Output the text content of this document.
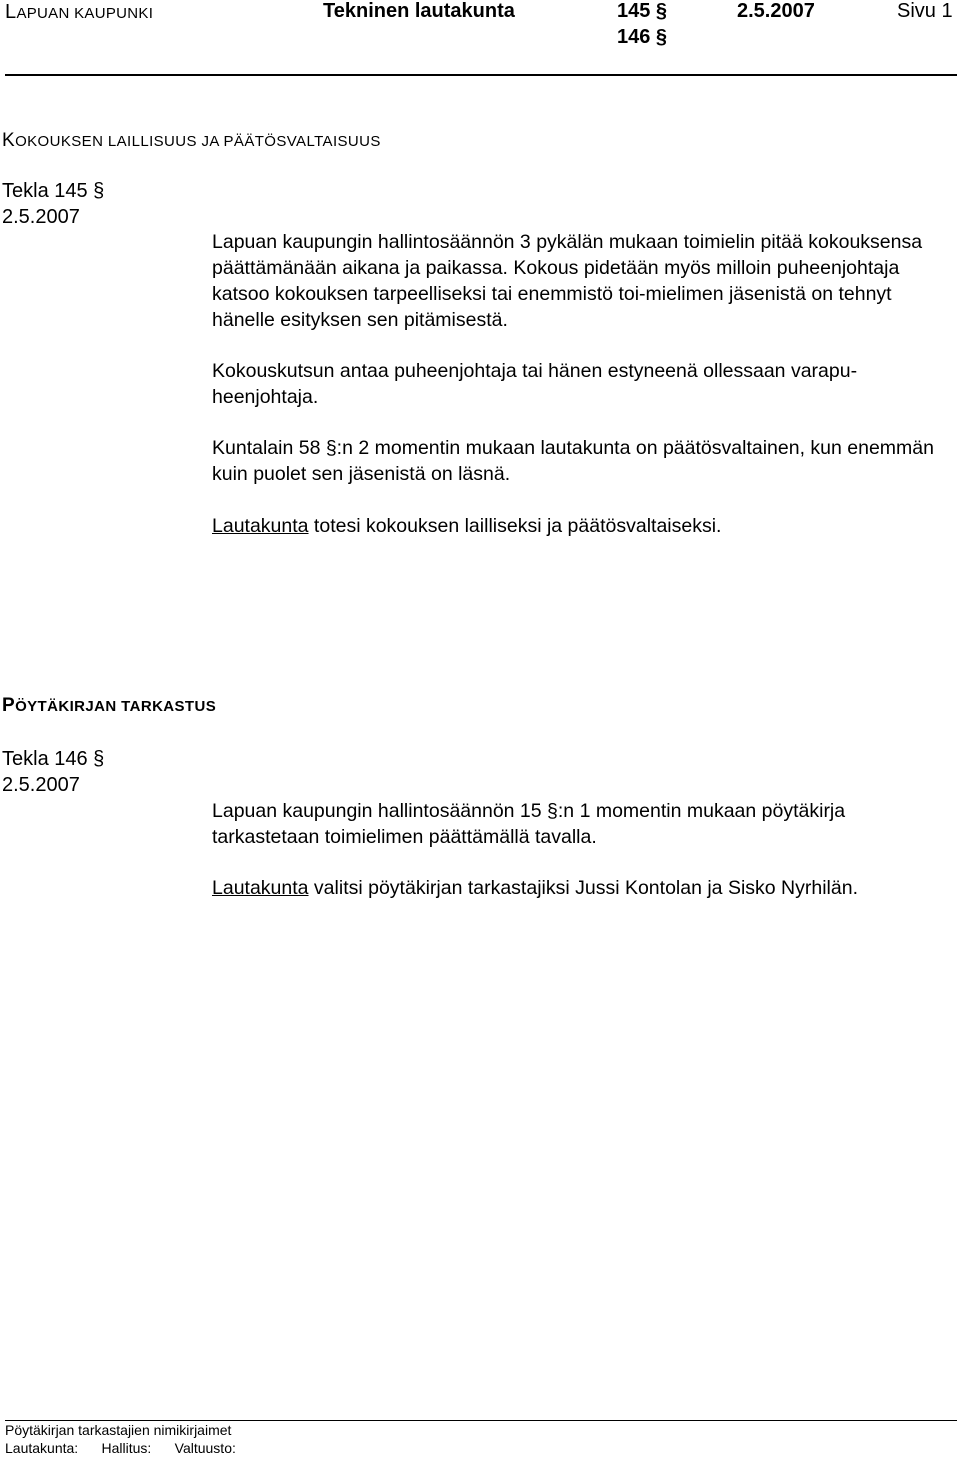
LAPUAN KAUPUNKI	Tekninen lautakunta	145 §	2.5.2007	Sivu 1
146 §
KOKOUKSEN LAILLISUUS JA PÄÄTÖSVALTAISUUS
Tekla 145 §
2.5.2007
Lapuan kaupungin hallintosäännön 3 pykälän mukaan toimielin pitää kokouksensa päättämänään aikana ja paikassa. Kokous pidetään myös milloin puheenjohtaja katsoo kokouksen tarpeelliseksi tai enemmistö toi-mielimen jäsenistä on tehnyt hänelle esityksen sen pitämisestä.
Kokouskutsun antaa puheenjohtaja tai hänen estyneenä ollessaan varapu-heenjohtaja.
Kuntalain 58 §:n 2 momentin mukaan lautakunta on päätösvaltainen, kun enemmän kuin puolet sen jäsenistä on läsnä.
Lautakunta totesi kokouksen lailliseksi ja päätösvaltaiseksi.
PÖYTÄKIRJAN TARKASTUS
Tekla 146 §
2.5.2007
Lapuan kaupungin hallintosäännön 15 §:n 1 momentin mukaan pöytäkirja tarkastetaan toimielimen päättämällä tavalla.
Lautakunta valitsi pöytäkirjan tarkastajiksi Jussi Kontolan ja Sisko Nyrhilän.
Pöytäkirjan tarkastajien nimikirjaimet
Lautakunta:      Hallitus:      Valtuusto:
